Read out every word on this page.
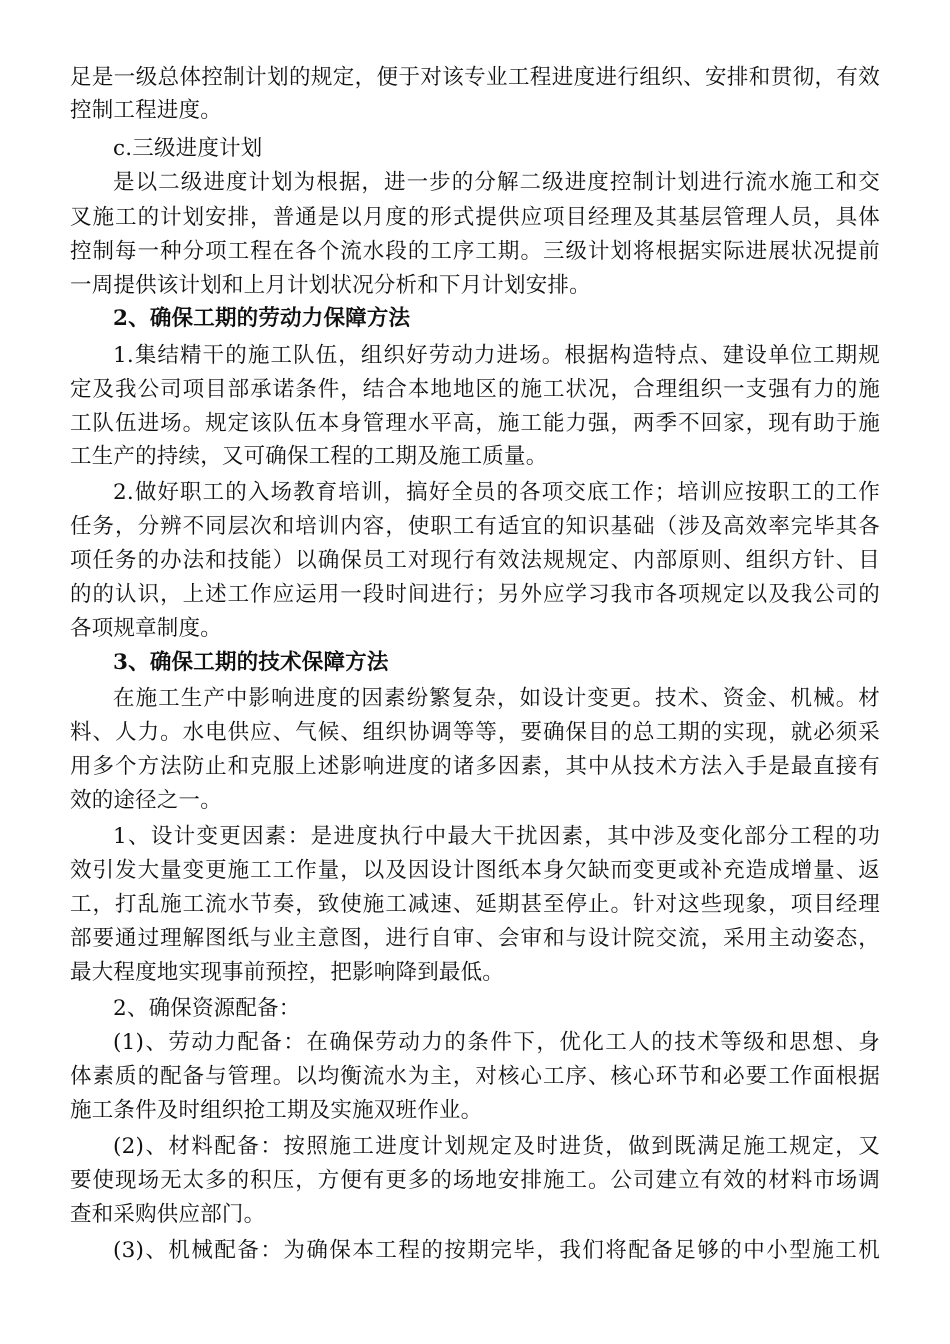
足是一级总体控制计划的规定，便于对该专业工程进度进行组织、安排和贯彻，有效
控制工程进度。
c.三级进度计划
是以二级进度计划为根据，进一步的分解二级进度控制计划进行流水施工和交
叉施工的计划安排，普通是以月度的形式提供应项目经理及其基层管理人员，具体
控制每一种分项工程在各个流水段的工序工期。三级计划将根据实际进展状况提前
一周提供该计划和上月计划状况分析和下月计划安排。
2、确保工期的劳动力保障方法
1.集结精干的施工队伍，组织好劳动力进场。根据构造特点、建设单位工期规
定及我公司项目部承诺条件，结合本地地区的施工状况，合理组织一支强有力的施
工队伍进场。规定该队伍本身管理水平高，施工能力强，两季不回家，现有助于施
工生产的持续，又可确保工程的工期及施工质量。
2.做好职工的入场教育培训，搞好全员的各项交底工作；培训应按职工的工作
任务，分辨不同层次和培训内容，使职工有适宜的知识基础（涉及高效率完毕其各
项任务的办法和技能）以确保员工对现行有效法规规定、内部原则、组织方针、目
的的认识，上述工作应运用一段时间进行；另外应学习我市各项规定以及我公司的
各项规章制度。
3、确保工期的技术保障方法
在施工生产中影响进度的因素纷繁复杂，如设计变更。技术、资金、机械。材
料、人力。水电供应、气候、组织协调等等，要确保目的总工期的实现，就必须采
用多个方法防止和克服上述影响进度的诸多因素，其中从技术方法入手是最直接有
效的途径之一。
1、设计变更因素：是进度执行中最大干扰因素，其中涉及变化部分工程的功
效引发大量变更施工工作量，以及因设计图纸本身欠缺而变更或补充造成增量、返
工，打乱施工流水节奏，致使施工减速、延期甚至停止。针对这些现象，项目经理
部要通过理解图纸与业主意图，进行自审、会审和与设计院交流，采用主动姿态，
最大程度地实现事前预控，把影响降到最低。
2、确保资源配备：
(1)、劳动力配备：在确保劳动力的条件下，优化工人的技术等级和思想、身
体素质的配备与管理。以均衡流水为主，对核心工序、核心环节和必要工作面根据
施工条件及时组织抢工期及实施双班作业。
(2)、材料配备：按照施工进度计划规定及时进货，做到既满足施工规定，又
要使现场无太多的积压，方便有更多的场地安排施工。公司建立有效的材料市场调
查和采购供应部门。
(3)、机械配备：为确保本工程的按期完毕，我们将配备足够的中小型施工机
